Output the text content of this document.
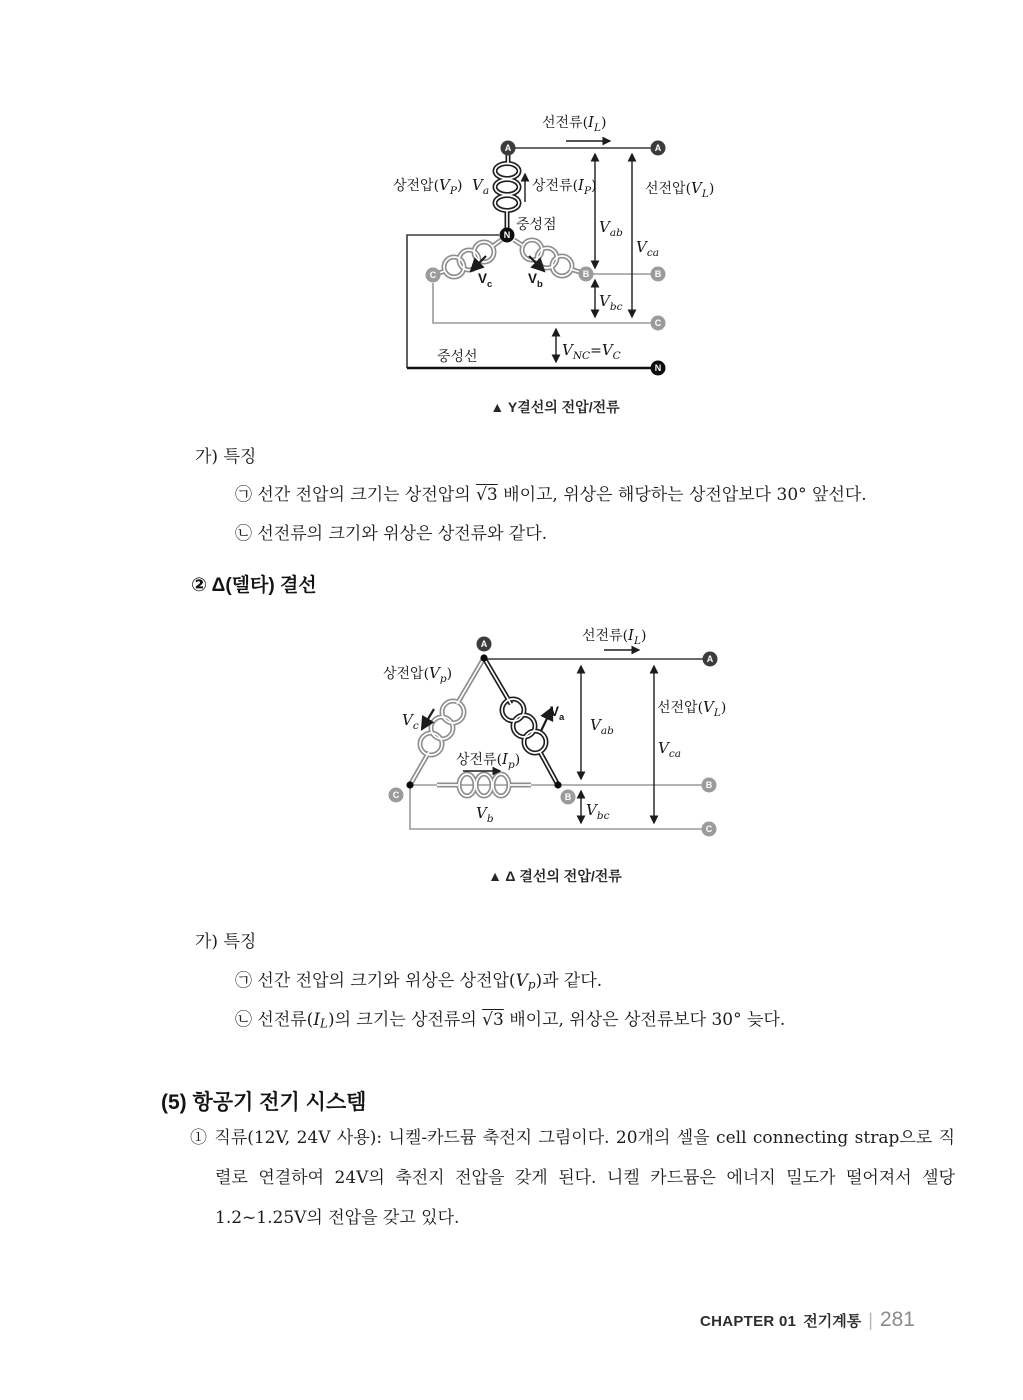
A	A
N
C	B	B
C
N
선전류$(I_L)$
상전압$(V_P)$ $V_a$	상전류$(I_P)$	선전압$(V_L)$
중성점
$V_c$	$V_b$
$V_{ab}$
$V_{ca}$
$V_{bc}$
$V_{NC}=V_C$
중성선
▲ Y결선의 전압/전류
가) 특징
㉠ 선간 전압의 크기는 상전압의 √3 배이고, 위상은 해당하는 상전압보다 30° 앞선다.
㉡ 선전류의 크기와 위상은 상전류와 같다.
② Δ(델타) 결선
A
A
C	B
B
C
선전류$(I_L)$
상전압$(V_p)$
$V_c$
$V_a$
상전류$(I_p)$
$V_b$
$V_{ab}$
$V_{ca}$
$V_{bc}$
선전압$(V_L)$
▲ Δ 결선의 전압/전류
가) 특징
㉠ 선간 전압의 크기와 위상은 상전압$(V_p)$과 같다.
㉡ 선전류$(I_L)$의 크기는 상전류의 √3 배이고, 위상은 상전류보다 30° 늦다.
(5) 항공기 전기 시스템
① 직류(12V, 24V 사용): 니켈-카드뮴 축전지 그림이다. 20개의 셀을 cell connecting strap으로 직렬로 연결하여 24V의 축전지 전압을 갖게 된다. 니켈 카드뮴은 에너지 밀도가 떨어져서 셀당 1.2~1.25V의 전압을 갖고 있다.
CHAPTER 01 전기계통 | 281
